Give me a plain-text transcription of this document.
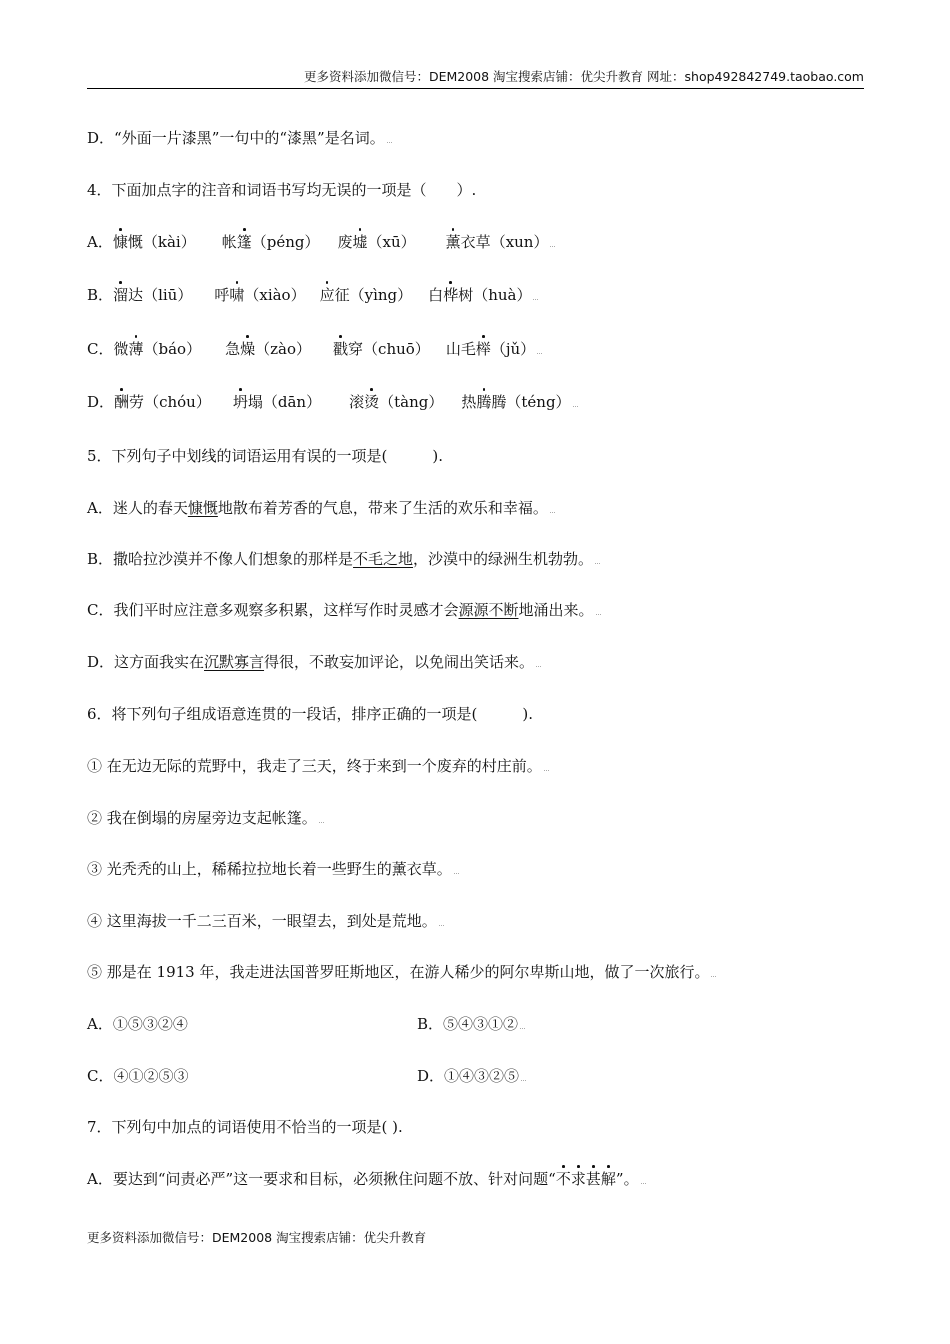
更多资料添加微信号：DEM2008 淘宝搜索店铺：优尖升教育 网址：shop492842749.taobao.com
D．“外面一片漆黑”一句中的“漆黑”是名词。
4．下面加点字的注音和词语书写均无误的一项是（　　）.
A．慷慨（kài） 帐篷（péng） 废墟（xū） 薰衣草（xun）
B．溜达（liū） 呼啸（xiào） 应征（yìng） 白桦树（huà）
C．微薄（báo） 急燥（zào） 戳穿（chuō） 山毛榉（jǔ）
D．酬劳（chóu） 坍塌（dān） 滚烫（tàng） 热腾腾（téng）
5．下列句子中划线的词语运用有误的一项是(　　　).
A．迷人的春天慷慨地散布着芳香的气息，带来了生活的欢乐和幸福。
B．撒哈拉沙漠并不像人们想象的那样是不毛之地，沙漠中的绿洲生机勃勃。
C．我们平时应注意多观察多积累，这样写作时灵感才会源源不断地涌出来。
D．这方面我实在沉默寡言得很，不敢妄加评论，以免闹出笑话来。
6．将下列句子组成语意连贯的一段话，排序正确的一项是(　　　).
① 在无边无际的荒野中，我走了三天，终于来到一个废弃的村庄前。
② 我在倒塌的房屋旁边支起帐篷。
③ 光秃秃的山上，稀稀拉拉地长着一些野生的薰衣草。
④ 这里海拔一千二三百米，一眼望去，到处是荒地。
⑤ 那是在 1913 年，我走进法国普罗旺斯地区，在游人稀少的阿尔卑斯山地，做了一次旅行。
A．①⑤③②④	B．⑤④③①②
C．④①②⑤③	D．①④③②⑤
7．下列句中加点的词语使用不恰当的一项是( ).
A．要达到“问责必严”这一要求和目标，必须揪住问题不放、针对问题“不求甚解”。
更多资料添加微信号：DEM2008 淘宝搜索店铺：优尖升教育
